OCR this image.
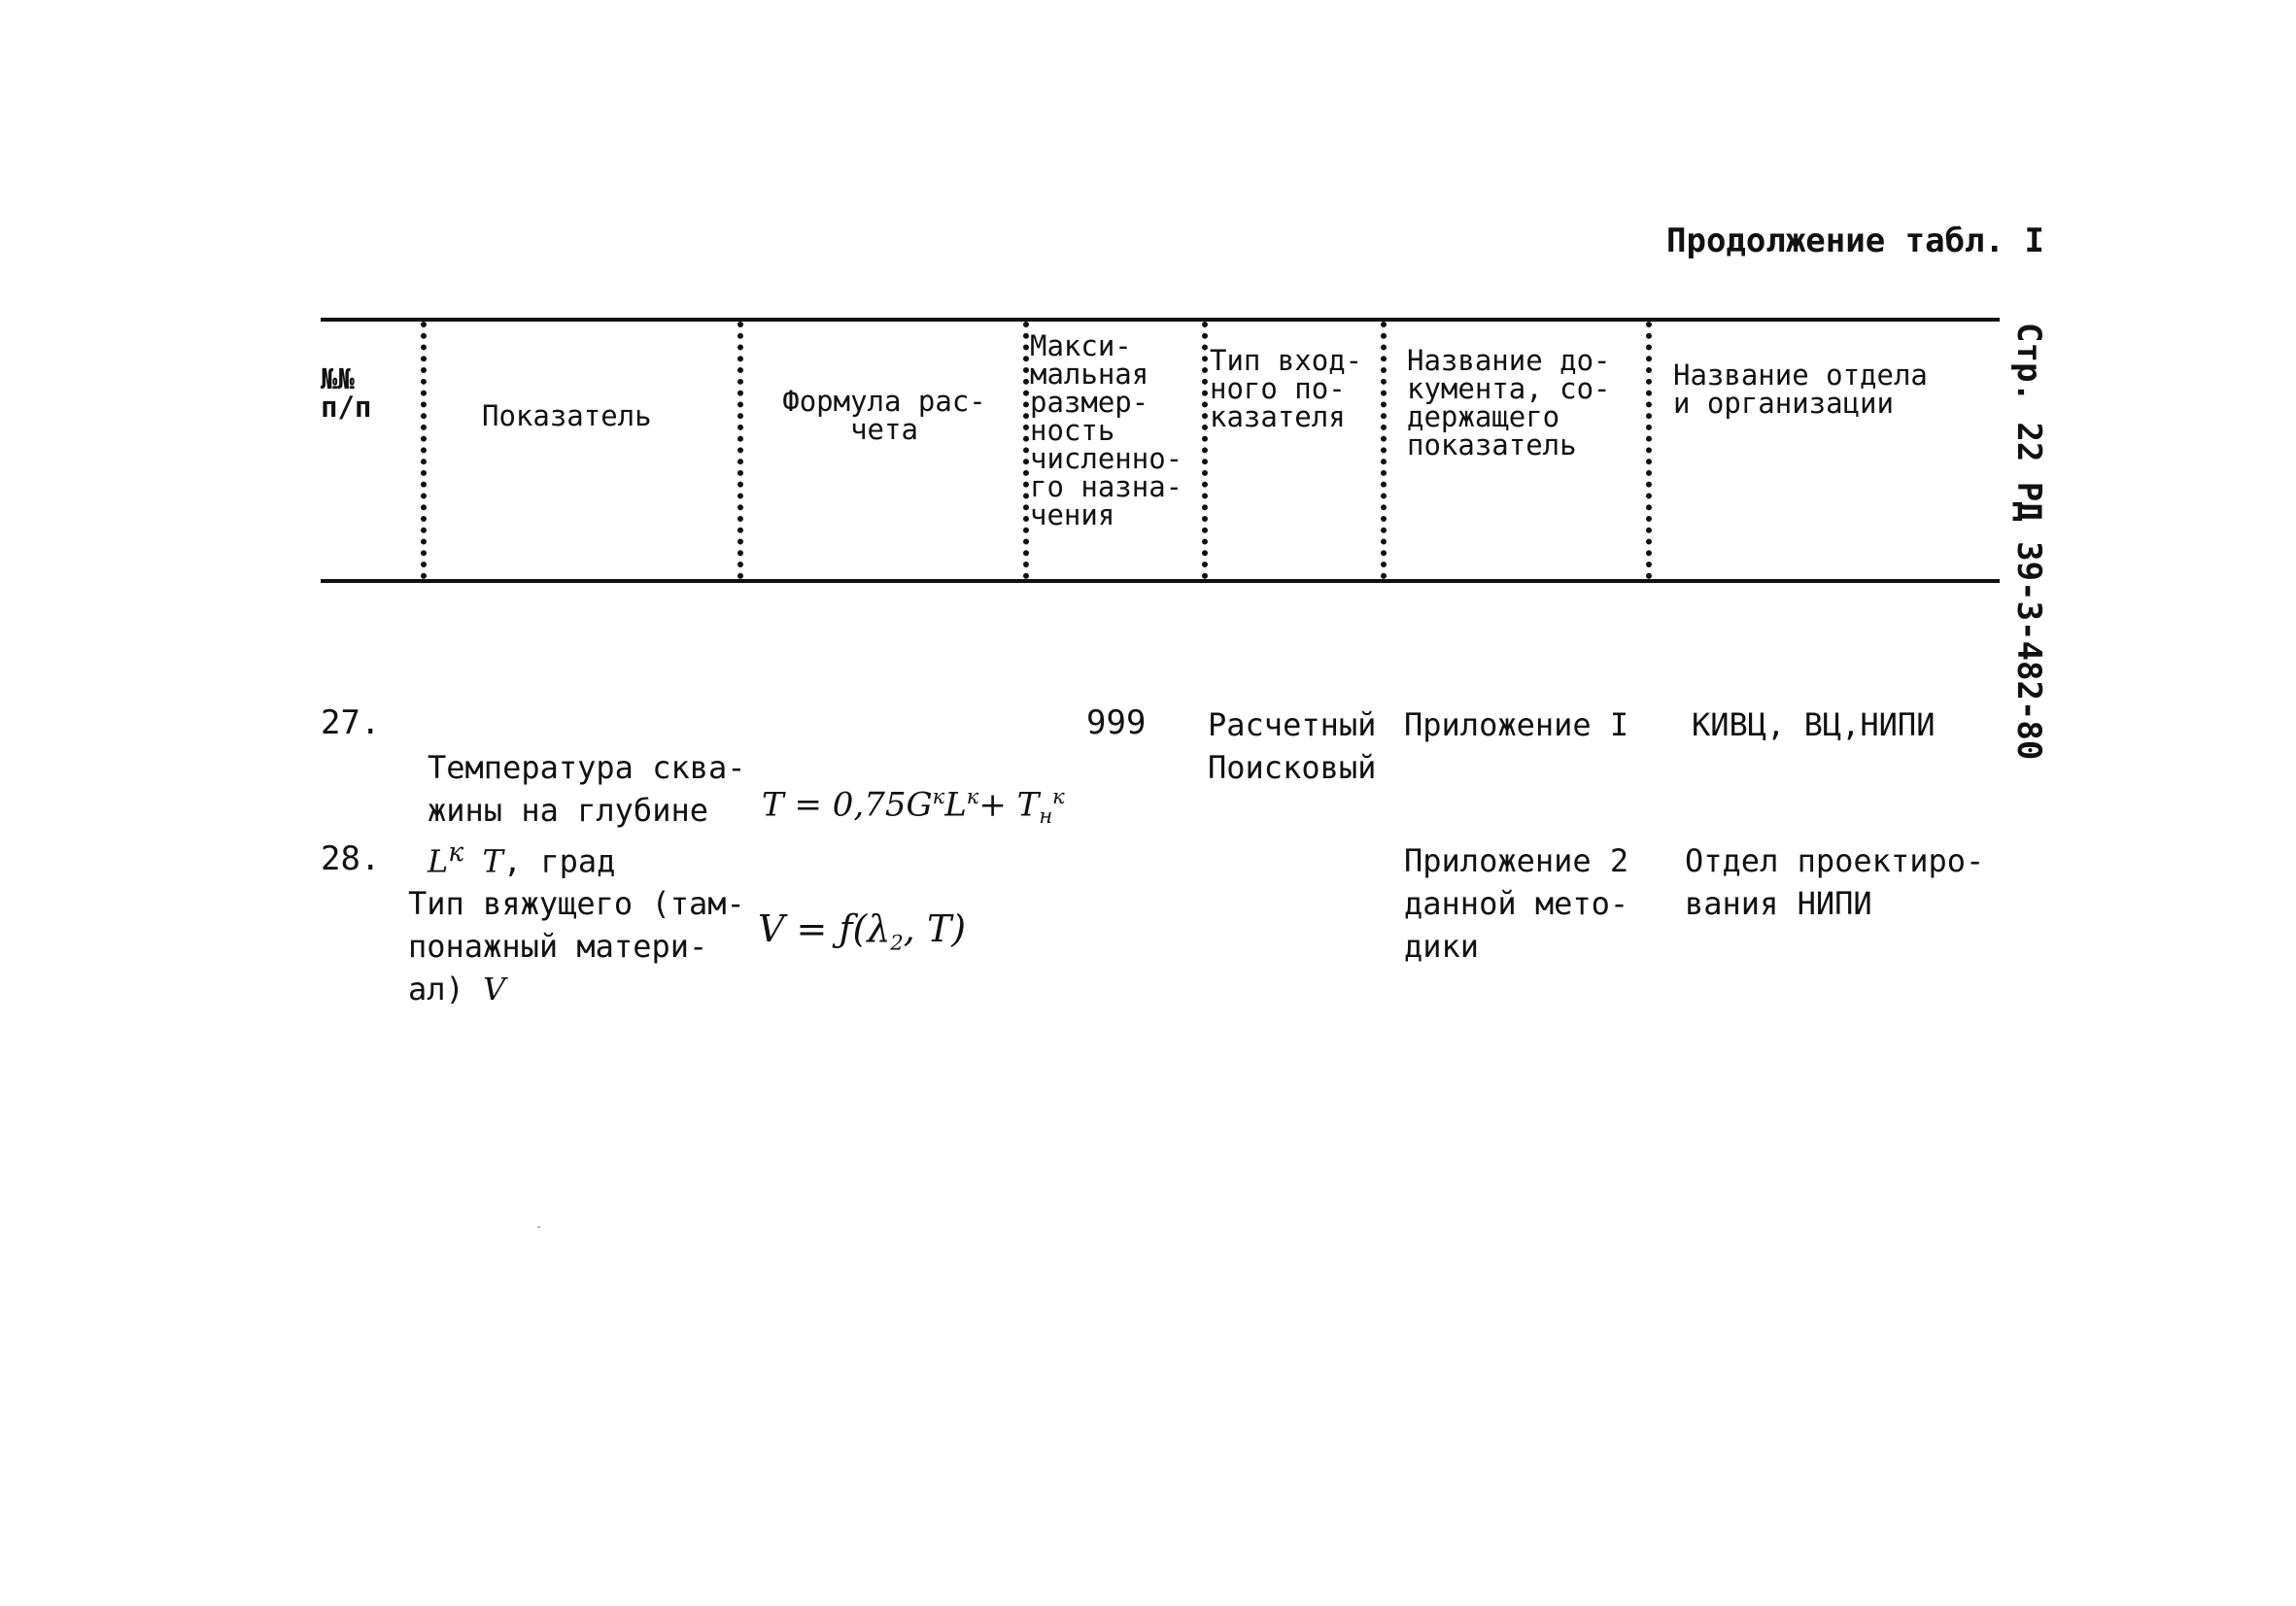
Продолжение табл. I
Стр. 22 РД 39-3-482-80
№№
п/п	Показатель	Формула рас-
чета
Макси-
мальная
размер-
ность
численно-
го назна-
чения
Тип вход-
ного по-
казателя
Название до-
кумента, со-
держащего
показатель
Название отдела
и организации
27.

Температура сква-
жины на глубине
$L^к$ T, град

$T = 0,75G^кL^к+ T_н^к$
999 Расчетный
Поисковый
Приложение I КИВЦ, ВЦ,НИПИ
28.

Тип вяжущего (там-
понажный матери-
ал) V

$V = ƒ(\lambda_2$, T)
Приложение 2
данной мето-
дики
Отдел проектиро-
вания НИПИ
